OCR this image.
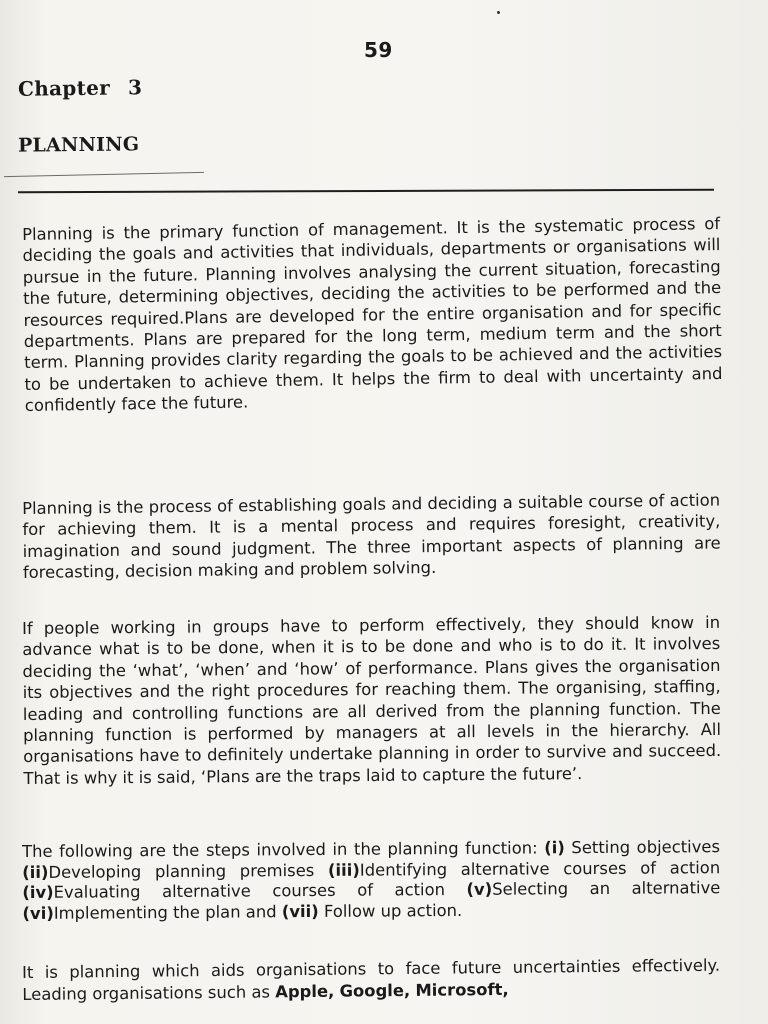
59
Chapter 3
PLANNING

Planning is the primary function of management. It is the systematic process of deciding the goals and activities that individuals, departments or organisations will pursue in the future. Planning involves analysing the current situation, forecasting the future, determining objectives, deciding the activities to be performed and the resources required.Plans are developed for the entire organisation and for specific departments. Plans are prepared for the long term, medium term and the short term. Planning provides clarity regarding the goals to be achieved and the activities to be undertaken to achieve them. It helps the firm to deal with uncertainty and confidently face the future.

Planning is the process of establishing goals and deciding a suitable course of action for achieving them. It is a mental process and requires foresight, creativity, imagination and sound judgment. The three important aspects of planning are forecasting, decision making and problem solving.

If people working in groups have to perform effectively, they should know in advance what is to be done, when it is to be done and who is to do it. It involves deciding the ‘what’, ‘when’ and ‘how’ of performance. Plans gives the organisation its objectives and the right procedures for reaching them. The organising, staffing, leading and controlling functions are all derived from the planning function. The planning function is performed by managers at all levels in the hierarchy. All organisations have to definitely undertake planning in order to survive and succeed. That is why it is said, ‘Plans are the traps laid to capture the future’.

The following are the steps involved in the planning function: (i) Setting objectives (ii)Developing planning premises (iii)Identifying alternative courses of action (iv)Evaluating alternative courses of action (v)Selecting an alternative (vi)Implementing the plan and (vii) Follow up action.

It is planning which aids organisations to face future uncertainties effectively. Leading organisations such as Apple, Google, Microsoft,
